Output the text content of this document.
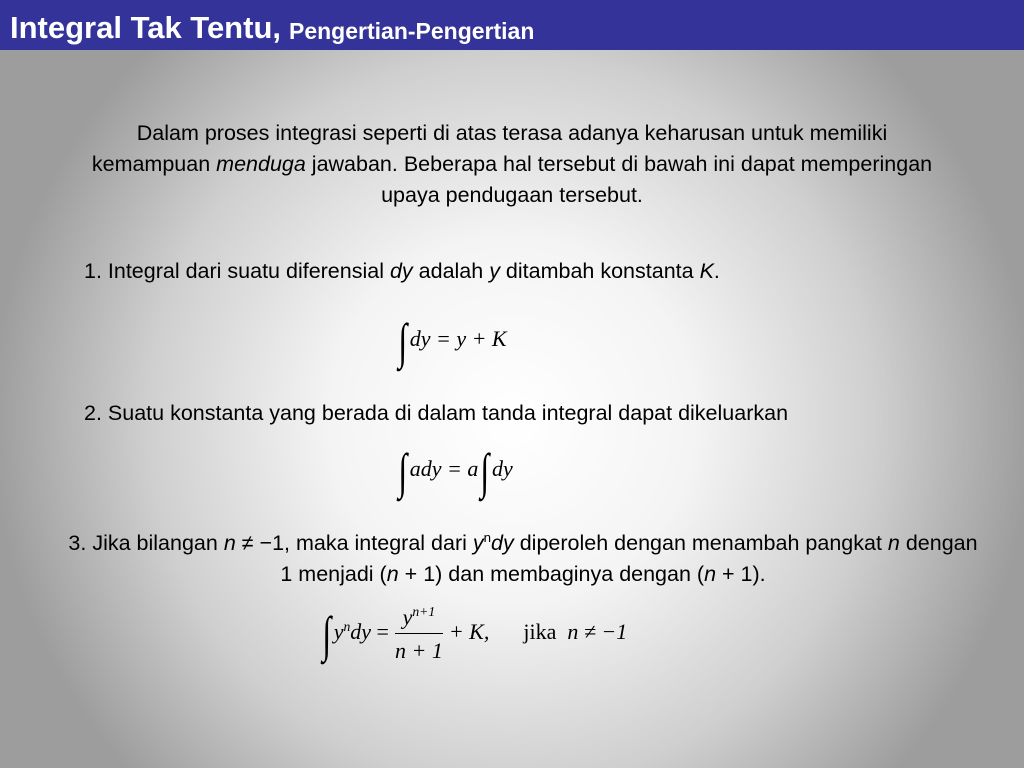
Integral Tak Tentu, Pengertian-Pengertian
Dalam proses integrasi seperti di atas terasa adanya keharusan untuk memiliki kemampuan menduga jawaban. Beberapa hal tersebut di bawah ini dapat memperingan upaya pendugaan tersebut.
1. Integral dari suatu diferensial dy adalah y ditambah konstanta K.
∫ dy = y + K
2. Suatu konstanta yang berada di dalam tanda integral dapat dikeluarkan
∫ ady = a∫ dy
3. Jika bilangan n ≠ −1, maka integral dari $y^ndy$ diperoleh dengan menambah pangkat n dengan 1 menjadi (n + 1) dan membaginya dengan (n + 1).
∫ $y^ndy = \frac{y^{n+1}}{n + 1} + K$, jika n ≠ −1
